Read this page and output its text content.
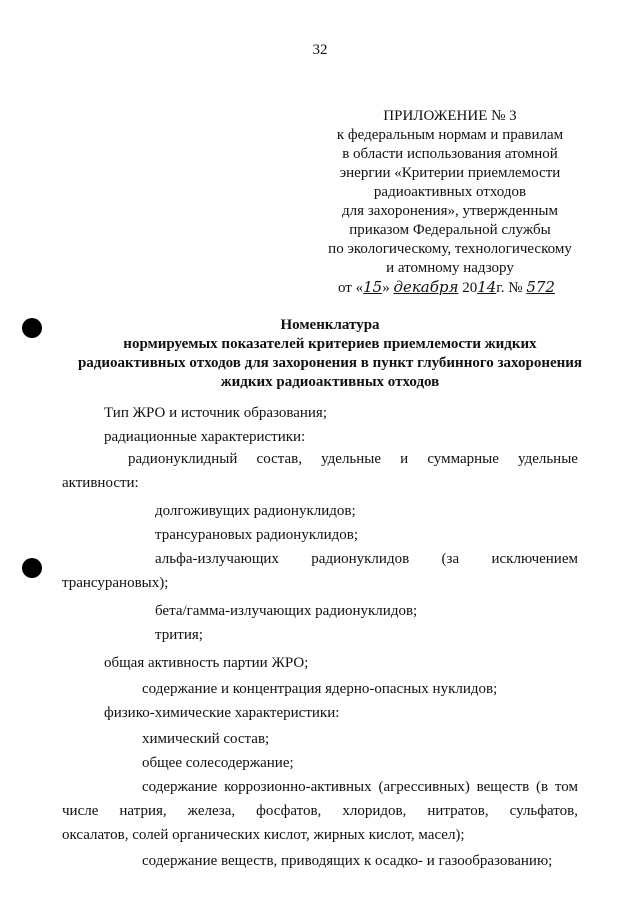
32
ПРИЛОЖЕНИЕ № 3
к федеральным нормам и правилам
в области использования атомной
энергии «Критерии приемлемости
радиоактивных отходов
для захоронения», утвержденным
приказом Федеральной службы
по экологическому, технологическому
и атомному надзору
от «15» декабря 2014г. № 572
Номенклатура
нормируемых показателей критериев приемлемости жидких
радиоактивных отходов для захоронения в пункт глубинного захоронения
жидких радиоактивных отходов
Тип ЖРО и источник образования;
радиационные характеристики:
радионуклидный состав, удельные и суммарные удельные
активности:
долгоживущих радионуклидов;
трансурановых радионуклидов;
альфа-излучающих радионуклидов (за исключением
трансурановых);
бета/гамма-излучающих радионуклидов;
трития;
общая активность партии ЖРО;
содержание и концентрация ядерно-опасных нуклидов;
физико-химические характеристики:
химический состав;
общее солесодержание;
содержание коррозионно-активных (агрессивных) веществ (в том
числе натрия, железа, фосфатов, хлоридов, нитратов, сульфатов,
оксалатов, солей органических кислот, жирных кислот, масел);
содержание веществ, приводящих к осадко- и газообразованию;
